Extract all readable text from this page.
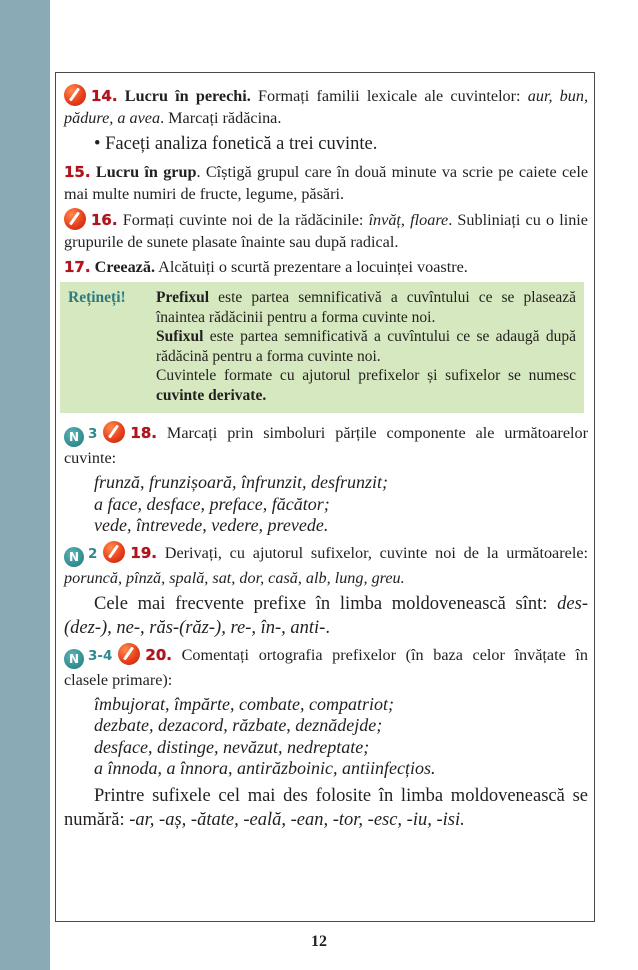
14. Lucru în perechi. Formați familii lexicale ale cuvintelor: aur, bun, pădure, a avea. Marcați rădăcina.
• Faceți analiza fonetică a trei cuvinte.
15. Lucru în grup. Cîștigă grupul care în două minute va scrie pe caiete cele mai multe numiri de fructe, legume, păsări.
16. Formați cuvinte noi de la rădăcinile: învăț, floare. Subliniați cu o linie grupurile de sunete plasate înainte sau după radical.
17. Creează. Alcătuiți o scurtă prezentare a locuinței voastre.
Rețineți!	Prefixul este partea semnificativă a cuvîntului ce se plasează înaintea rădăcinii pentru a forma cuvinte noi.
Sufixul este partea semnificativă a cuvîntului ce se adaugă după rădăcină pentru a forma cuvinte noi.
Cuvintele formate cu ajutorul prefixelor și sufixelor se numesc cuvinte derivate.
N 3 18. Marcați prin simboluri părțile componente ale următoarelor cuvinte:
frunză, frunzișoară, înfrunzit, desfrunzit;
a face, desface, preface, făcător;
vede, întrevede, vedere, prevede.
N 2 19. Derivați, cu ajutorul sufixelor, cuvinte noi de la următoarele: poruncă, pînză, spală, sat, dor, casă, alb, lung, greu.
Cele mai frecvente prefixe în limba moldovenească sînt: des- (dez-), ne-, răs-(răz-), re-, în-, anti-.
N 3-4 20. Comentați ortografia prefixelor (în baza celor învățate în clasele primare):
îmbujorat, împărte, combate, compatriot;
dezbate, dezacord, răzbate, deznădejde;
desface, distinge, nevăzut, nedreptate;
a înnoda, a înnora, antirăzboinic, antiinfecțios.
Printre sufixele cel mai des folosite în limba moldovenească se numără: -ar, -aș, -ătate, -eală, -ean, -tor, -esc, -iu, -isi.
12
